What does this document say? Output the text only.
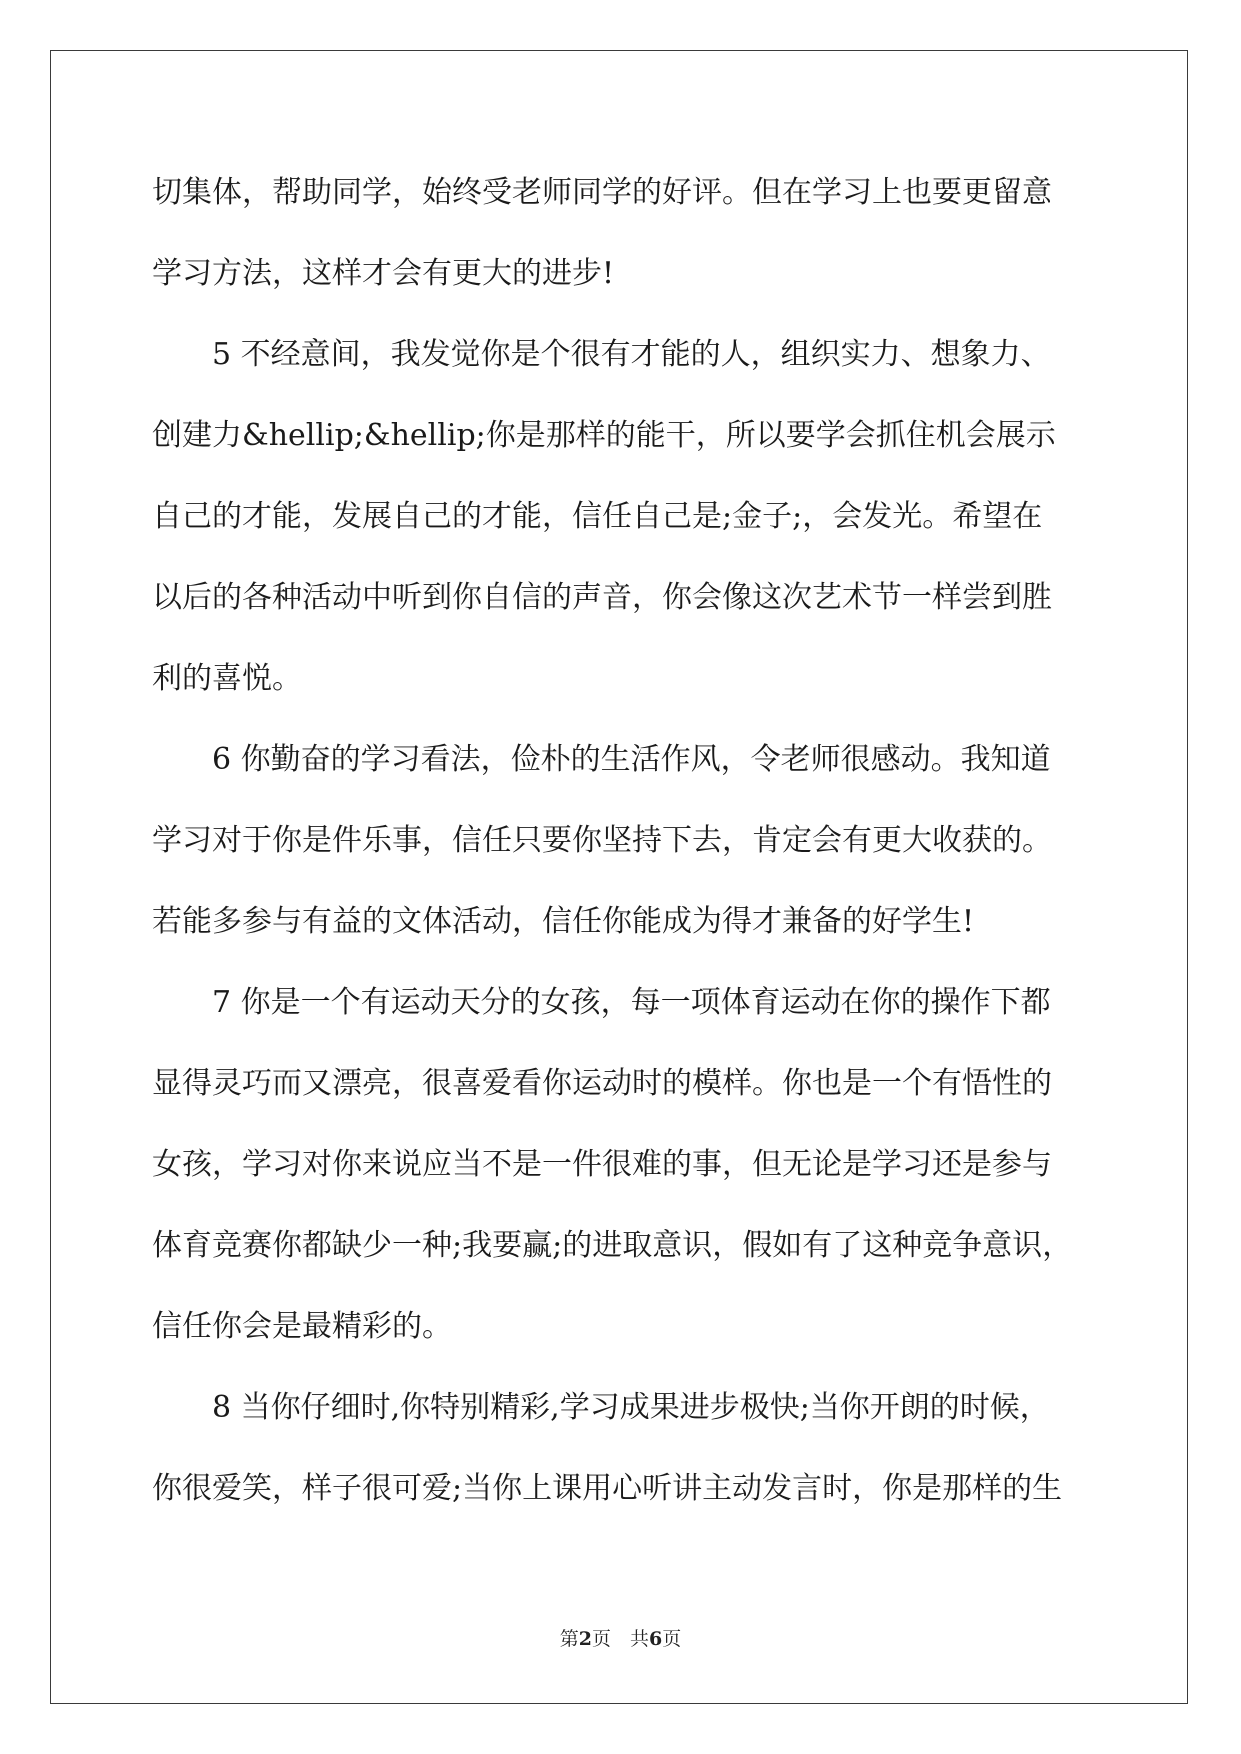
切集体，帮助同学，始终受老师同学的好评。但在学习上也要更留意
学习方法，这样才会有更大的进步!
5 不经意间，我发觉你是个很有才能的人，组织实力、想象力、
创建力&hellip;&hellip;你是那样的能干，所以要学会抓住机会展示
自己的才能，发展自己的才能，信任自己是;金子;，会发光。希望在
以后的各种活动中听到你自信的声音，你会像这次艺术节一样尝到胜
利的喜悦。
6 你勤奋的学习看法，俭朴的生活作风，令老师很感动。我知道
学习对于你是件乐事，信任只要你坚持下去，肯定会有更大收获的。
若能多参与有益的文体活动，信任你能成为得才兼备的好学生!
7 你是一个有运动天分的女孩，每一项体育运动在你的操作下都
显得灵巧而又漂亮，很喜爱看你运动时的模样。你也是一个有悟性的
女孩，学习对你来说应当不是一件很难的事，但无论是学习还是参与
体育竞赛你都缺少一种;我要赢;的进取意识，假如有了这种竞争意识，
信任你会是最精彩的。
8 当你仔细时,你特别精彩,学习成果进步极快;当你开朗的时候，
你很爱笑，样子很可爱;当你上课用心听讲主动发言时，你是那样的生
第2页　共6页
